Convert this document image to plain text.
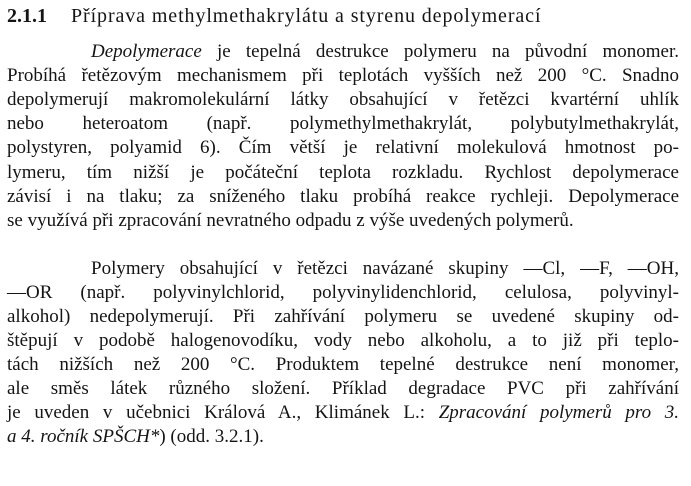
2.1.1 Příprava methylmethakrylátu a styrenu depolymerací
Depolymerace je tepelná destrukce polymeru na původní monomer.
Probíhá řetězovým mechanismem při teplotách vyšších než 200 °C. Snadno
depolymerují makromolekulární látky obsahující v řetězci kvartérní uhlík
nebo heteroatom (např. polymethylmethakrylát, polybutylmethakrylát,
polystyren, polyamid 6). Čím větší je relativní molekulová hmotnost po-
lymeru, tím nižší je počáteční teplota rozkladu. Rychlost depolymerace
závisí i na tlaku; za sníženého tlaku probíhá reakce rychleji. Depolymerace
se využívá při zpracování nevratného odpadu z výše uvedených polymerů.
Polymery obsahující v řetězci navázané skupiny —Cl, —F, —OH,
—OR (např. polyvinylchlorid, polyvinylidenchlorid, celulosa, polyvinyl-
alkohol) nedepolymerují. Při zahřívání polymeru se uvedené skupiny od-
štěpují v podobě halogenovodíku, vody nebo alkoholu, a to již při teplo-
tách nižších než 200 °C. Produktem tepelné destrukce není monomer,
ale směs látek různého složení. Příklad degradace PVC při zahřívání
je uveden v učebnici Králová A., Klimánek L.: Zpracování polymerů pro 3.
a 4. ročník SPŠCH*) (odd. 3.2.1).
